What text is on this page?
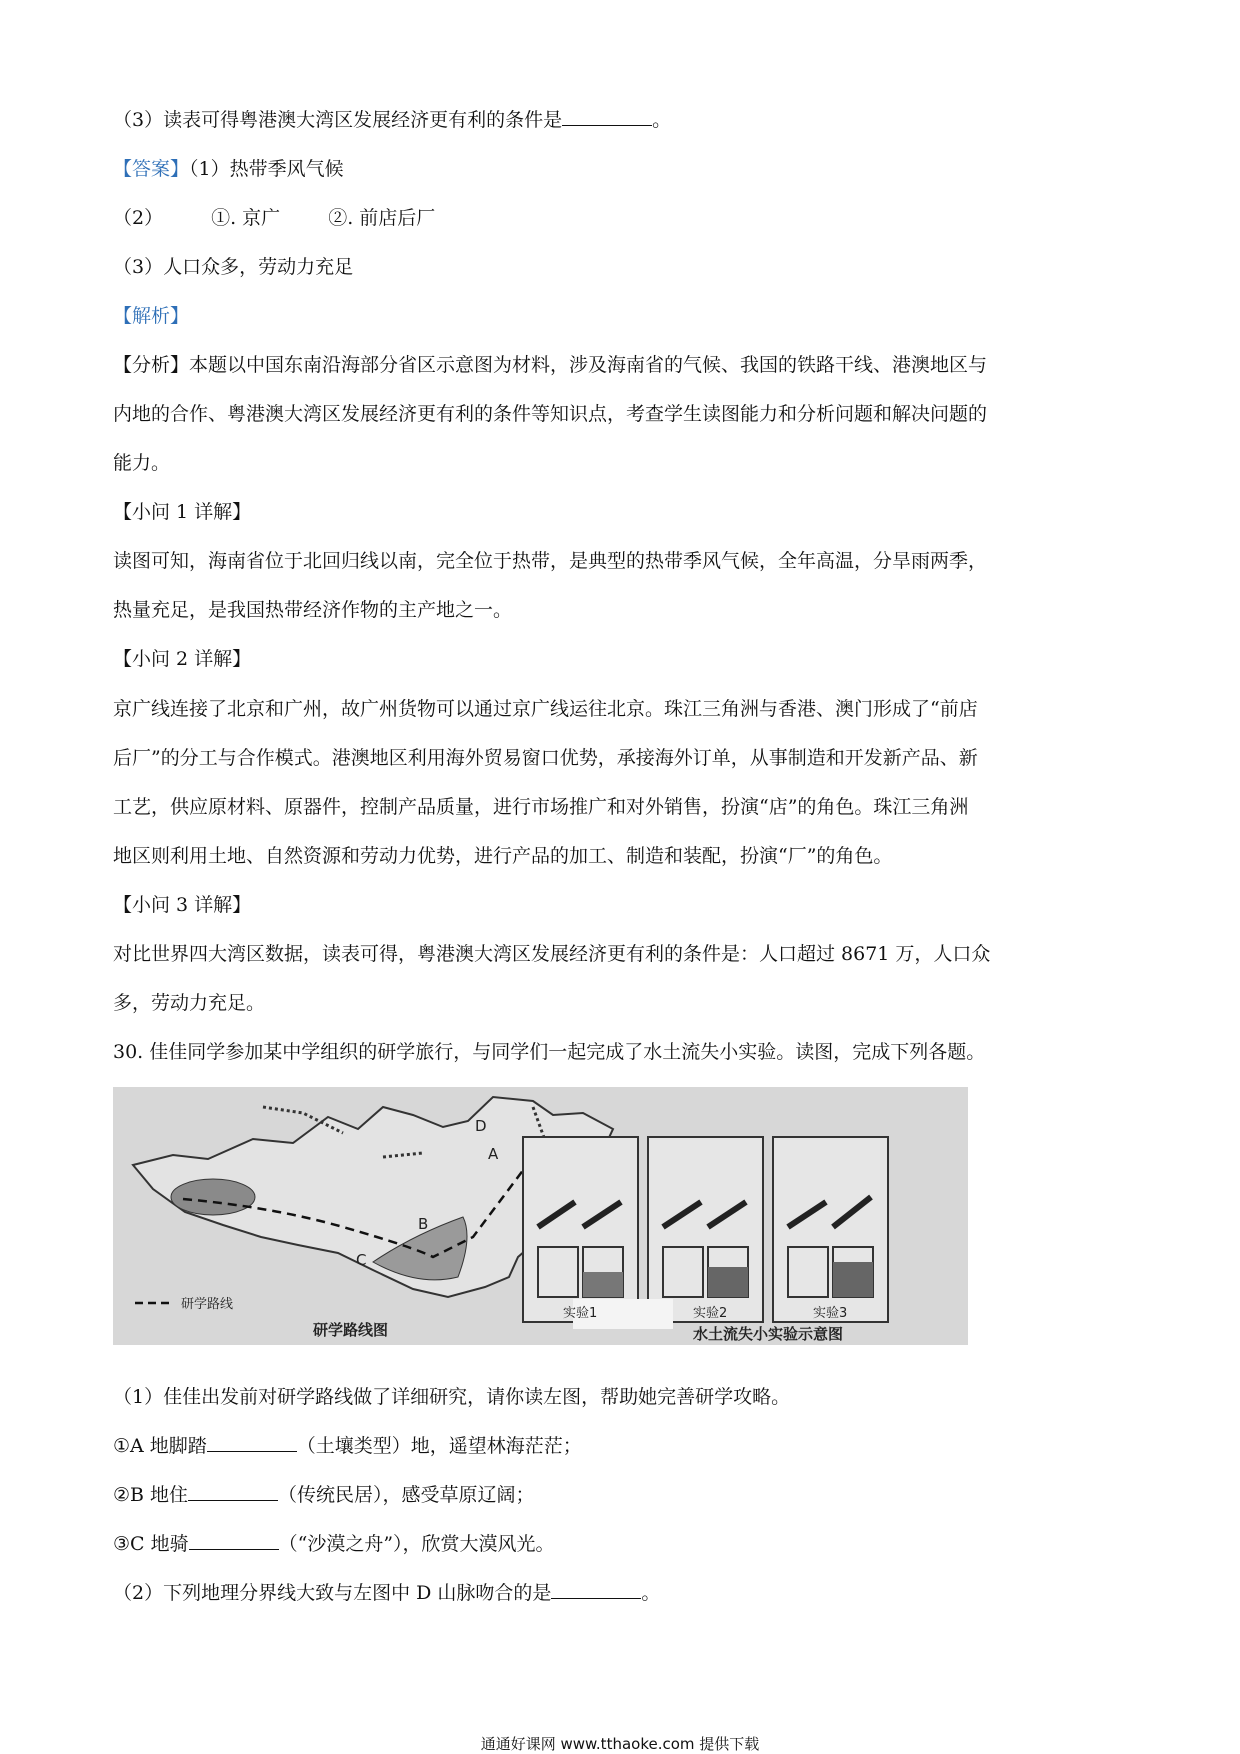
（3）读表可得粤港澳大湾区发展经济更有利的条件是	。
【答案】（1）热带季风气候
（2）	①. 京广	②. 前店后厂
（3）人口众多，劳动力充足
【解析】
【分析】本题以中国东南沿海部分省区示意图为材料，涉及海南省的气候、我国的铁路干线、港澳地区与
内地的合作、粤港澳大湾区发展经济更有利的条件等知识点，考查学生读图能力和分析问题和解决问题的
能力。
【小问 1 详解】
读图可知，海南省位于北回归线以南，完全位于热带，是典型的热带季风气候，全年高温，分旱雨两季，
热量充足，是我国热带经济作物的主产地之一。
【小问 2 详解】
京广线连接了北京和广州，故广州货物可以通过京广线运往北京。珠江三角洲与香港、澳门形成了“前店
后厂”的分工与合作模式。港澳地区利用海外贸易窗口优势，承接海外订单，从事制造和开发新产品、新
工艺，供应原材料、原器件，控制产品质量，进行市场推广和对外销售，扮演“店”的角色。珠江三角洲
地区则利用土地、自然资源和劳动力优势，进行产品的加工、制造和装配，扮演“厂”的角色。
【小问 3 详解】
对比世界四大湾区数据，读表可得，粤港澳大湾区发展经济更有利的条件是：人口超过 8671 万，人口众
多，劳动力充足。
30. 佳佳同学参加某中学组织的研学旅行，与同学们一起完成了水土流失小实验。读图，完成下列各题。
C
B
A
D
研学路线
研学路线图
实验1	实验2	实验3
水土流失小实验示意图
（1）佳佳出发前对研学路线做了详细研究，请你读左图，帮助她完善研学攻略。
①A 地脚踏	（土壤类型）地，遥望林海茫茫；
②B 地住	（传统民居），感受草原辽阔；
③C 地骑	（“沙漠之舟”），欣赏大漠风光。
（2）下列地理分界线大致与左图中 D 山脉吻合的是	。
通通好课网 www.tthaoke.com 提供下载
